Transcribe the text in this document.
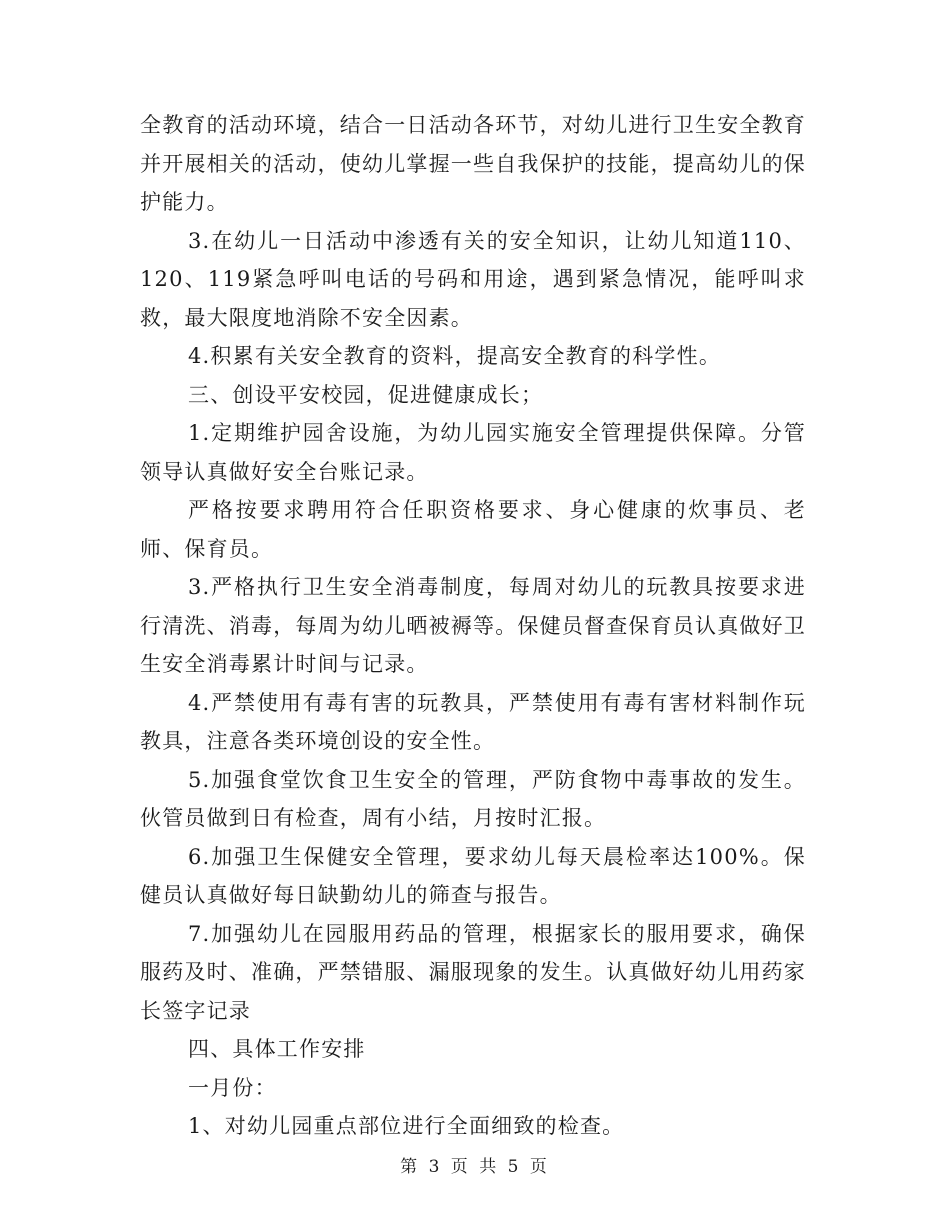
全教育的活动环境，结合一日活动各环节，对幼儿进行卫生安全教育并开展相关的活动，使幼儿掌握一些自我保护的技能，提高幼儿的保护能力。

3.在幼儿一日活动中渗透有关的安全知识，让幼儿知道110、120、119紧急呼叫电话的号码和用途，遇到紧急情况，能呼叫求救，最大限度地消除不安全因素。

4.积累有关安全教育的资料，提高安全教育的科学性。

三、创设平安校园，促进健康成长；

1.定期维护园舍设施，为幼儿园实施安全管理提供保障。分管领导认真做好安全台账记录。

严格按要求聘用符合任职资格要求、身心健康的炊事员、老师、保育员。

3.严格执行卫生安全消毒制度，每周对幼儿的玩教具按要求进行清洗、消毒，每周为幼儿晒被褥等。保健员督查保育员认真做好卫生安全消毒累计时间与记录。

4.严禁使用有毒有害的玩教具，严禁使用有毒有害材料制作玩教具，注意各类环境创设的安全性。

5.加强食堂饮食卫生安全的管理，严防食物中毒事故的发生。伙管员做到日有检查，周有小结，月按时汇报。

6.加强卫生保健安全管理，要求幼儿每天晨检率达100%。保健员认真做好每日缺勤幼儿的筛查与报告。

7.加强幼儿在园服用药品的管理，根据家长的服用要求，确保服药及时、准确，严禁错服、漏服现象的发生。认真做好幼儿用药家长签字记录

四、具体工作安排

一月份：

1、对幼儿园重点部位进行全面细致的检查。

第 3 页 共 5 页
